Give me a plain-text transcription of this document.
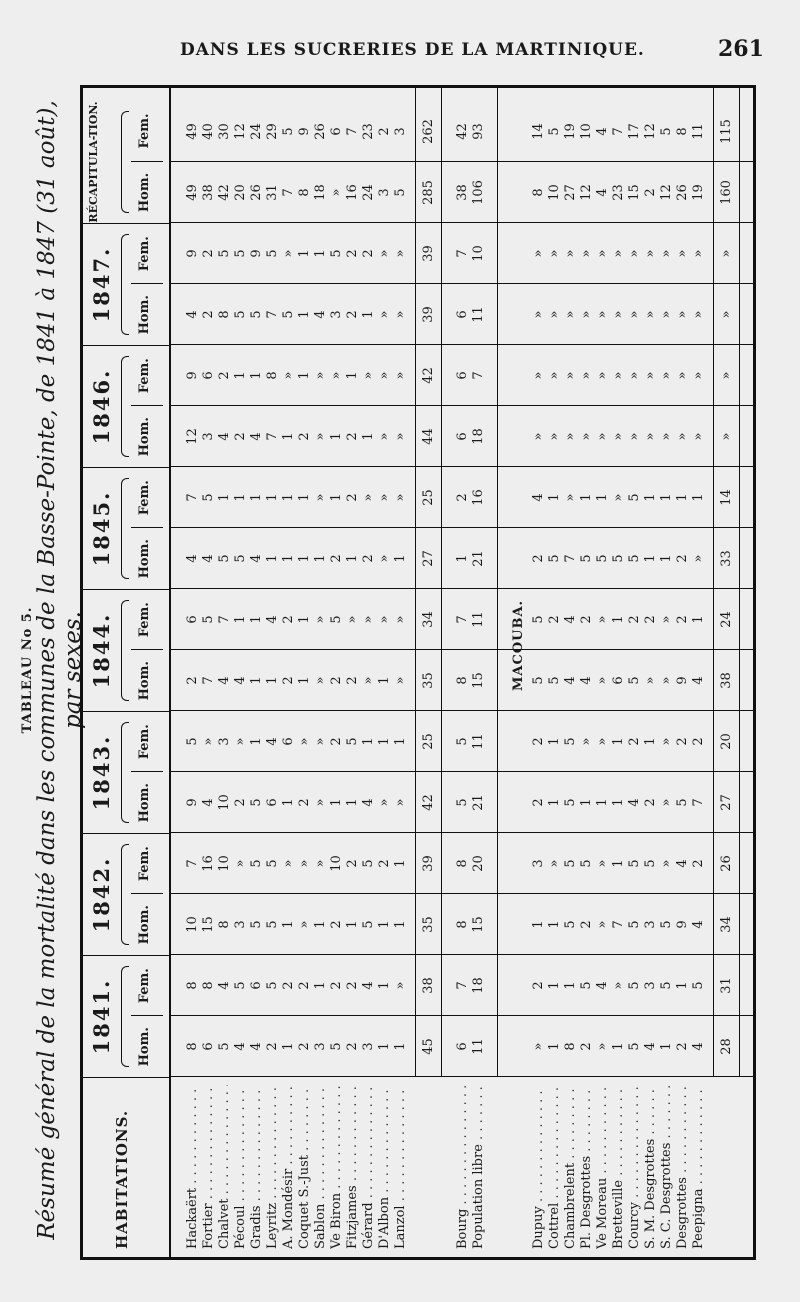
DANS LES SUCRERIES DE LA MARTINIQUE.	261
TABLEAU No 5. Résumé général de la mortalité dans les communes de la Basse-Pointe, de 1841 à 1847 (31 août), par sexes.
HABITATIONS.
1841. Hom.
Fem.
1842. Hom.
Fem.
1843. Hom.
Fem.
1844. Hom.
Fem.
1845. Hom.
Fem.
1846. Hom.
Fem.
1847. Hom.
Fem.
RÉCAPITULA-TION.	Hom.
Fem.
Hackaërt . . .
8
8
10
7
9
5
2
6
4
7
12
9
4
9
49
49
Fortier . . .
6
8
15
16
4
»
7
5
4
5
3
6
2
2
38
40
Chalvet . . .
5
4
8
10
10
3
4
7
5
1
4
2
8
5
42
30
Pécoul . . .
4
5
3
»
2
»
4
1
5
1
2
1
5
5
20
12
Gradis . . .
4
6
5
5
5
1
1
1
4
1
4
1
5
9
26
24
Leyritz . . .
2
5
5
5
6
4
1
4
1
1
7
8
7
5
31
29
A. Mondésir . . .
1
2
1
»
1
6
2
2
1
1
1
»
5
»
7
5
Coquet S.-Just . . .
2
2
»
»
2
»
1
1
1
1
2
1
1
1
8
9
Sablon . . .
3
1
1
»
»
»
»
»
1
»
»
»
4
1
18
26
Ve Biron . . .
5
2
2
10
1
2
2
5
2
1
1
»
3
5
»
6
Fitzjames . . .
2
2
1
2
1
5
2
»
1
2
2
1
2
2
16
7
Gérard . . .
3
4
5
5
4
1
»
»
2
»
1
»
1
2
24
23
D'Albon . . .
1
1
1
2
»
1
1
»
»
»
»
»
»
»
3
2
Lanzol . . .
1
»
1
1
»
1
»
»
1
»
»
»
»
»
5
3
45
38
35
39
42
25
35
34
27
25
44
42
39
39
285
262
Bourg . . .
6
7
8
8
5
5
8
7
1
2
6
6
6
7
38
42
Population libre . . .
11
18
15
20
21
11
15
11
21
16
18
7
11
10
106
93
MACOUBA.
Dupuy . . .
»
2
1
3
2
2
5
5
2
4
»
»
»
»
8
14
Cottrel . . .
1
1
1
»
1
1
5
2
5
1
»
»
»
»
10
5
Chambrelent . . .
8
1
5
5
5
5
4
4
7
»
»
»
»
»
27
19
Pl. Desgrottes . . .
2
5
2
5
1
»
4
2
5
1
»
»
»
»
12
10
Ve Moreau . . .
»
4
»
»
1
»
»
»
5
1
»
»
»
»
4
4
Bretteville . . .
1
»
7
1
1
1
6
1
5
»
»
»
»
»
23
7
Courcy . . .
5
5
5
5
4
2
5
2
5
5
»
»
»
»
15
17
S. M. Desgrottes . . .
4
3
3
5
2
1
»
2
1
1
»
»
»
»
2
12
S. C. Desgrottes . . .
1
5
5
»
»
»
»
»
1
1
»
»
»
»
12
5
Desgrottes . . .
2
1
9
4
5
2
9
2
2
1
»
»
»
»
26
8
Peepigna . . .
4
5
4
2
7
2
4
1
»
1
»
»
»
»
19
11
28
31
34
26
27
20
38
24
33
14
»
»
»
»
160
115
